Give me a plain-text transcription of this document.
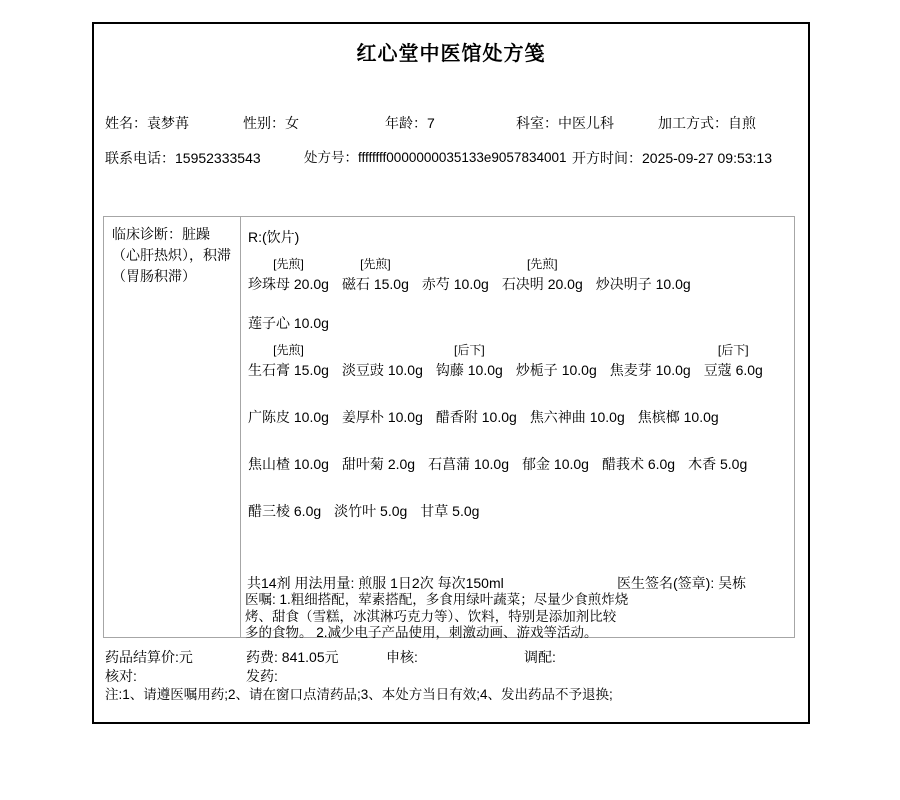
红心堂中医馆处方笺
姓名：袁梦苒	性别：女	年龄：7	科室：中医儿科	加工方式：自煎
联系电话：15952333543	处方号：ffffffff0000000035133e9057834001 开方时间：2025-09-27 09:53:13
临床诊断：脏躁（心肝热炽），积滞（胃肠积滞）
R:(饮片)
[先煎]
珍珠母 20.0g
[先煎]
磁石 15.0g
赤芍 10.0g
[先煎]
石决明 20.0g
炒决明子 10.0g

莲子心 10.0g
[先煎]
生石膏 15.0g
淡豆豉 10.0g
[后下]
钩藤 10.0g
炒栀子 10.0g
焦麦芽 10.0g
[后下]
豆蔻 6.0g

广陈皮 10.0g
姜厚朴 10.0g
醋香附 10.0g
焦六神曲 10.0g
焦槟榔 10.0g

焦山楂 10.0g
甜叶菊 2.0g
石菖蒲 10.0g
郁金 10.0g
醋莪术 6.0g
木香 5.0g

醋三棱 6.0g
淡竹叶 5.0g
甘草 5.0g
共14剂 用法用量: 煎服 1日2次 每次150ml	医生签名(签章): 吴栋
医嘱: 1.粗细搭配，荤素搭配，多食用绿叶蔬菜；尽量少食煎炸烧
烤、甜食（雪糕，冰淇淋巧克力等）、饮料，特别是添加剂比较
多的食物。 2.减少电子产品使用，刺激动画、游戏等活动。
药品结算价:元	药费: 841.05元	申核:	调配:
核对:	发药:
注:1、请遵医嘱用药;2、请在窗口点清药品;3、本处方当日有效;4、发出药品不予退换;
